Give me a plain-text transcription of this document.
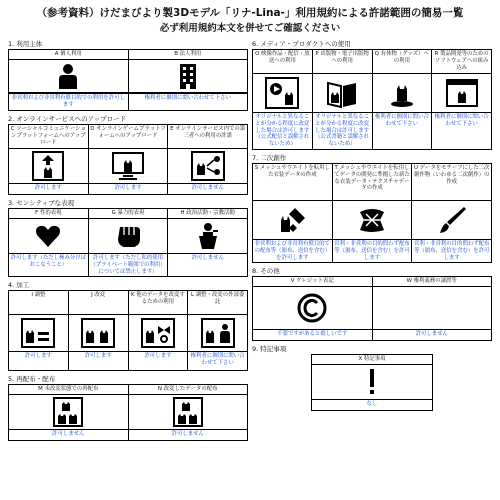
（参考資料）けだまびより製3Dモデル「リナ-Lina-」利用規約による許諾範囲の簡易一覧
必ず利用規約本文を併せてご確認ください
1. 利用主体
A 個人利用	B 法人利用
非営利および非営利有償目的での利用を許可します
権利者に個別に問い合わせて下さい
2. オンラインサービスへのアップロード
C ソーシャルコミュニケーションプラットフォームへのアップロード
許可します
D オンラインゲームプラットフォームへのアップロード
許可します
E オンラインサービス内での第三者への利用の許諾
許可しません
3. センシティブな表現
F 性的表現
許可します（ただし極み分けはおこなうこと）
G 暴力的表現
許可します（ただし私的使用（プライベート範囲での利用）については禁止します）
H 政治活動・宗教活動
許可しません
4. 加工
I 調整
許可します
J 改変
許可します
K 他のデータを改変するための利用
許可します
L 調整・改変の外部委託
権利者に個別に問い合わせて下さい
5. 再配布・配布
M 未改変状態での再配布
許可しません
N 改変したデータの配布
許可しません
6. メディア・プロダクトへの使用
O 映像作品・配信・放送への利用
オリジナルと異なることが分かる程度に改変した場合は許可します（公式配信と誤解されないため）
P 出版物・電子出版物への利用
オリジナルと異なることが分かる程度に改変した場合は許可します（公式書籍と誤解されないため）
Q 有体物（グッズ）への利用
権利者に個別に問い合わせて下さい
R 製品開発等のためのソフトウェアへの組み込み
権利者に個別に問い合わせて下さい
7. 二次創作
S メッシュやウエイトを転用した衣装データの作成
非営利および非営利有償目的での配布等（頒布、送信を含む）を許可します
T メッシュやウエイトを転用してデータの開発に準拠した新たな衣装データ・テクスチャデータの作成
営利・非営利の目的問わず配布等（頒布、送信を含む）を許可します
U データをモチーフにした二次創作物（いわゆる二次創作）の作成
営利・非営利の目的問わず配布等（頒布、送信を含む）を許可します
8. その他
V クレジット表記
不要ですがあると嬉しいです
W 権利義務の譲渡等
許可しません
9. 特記事項
X 特記事項
なし
